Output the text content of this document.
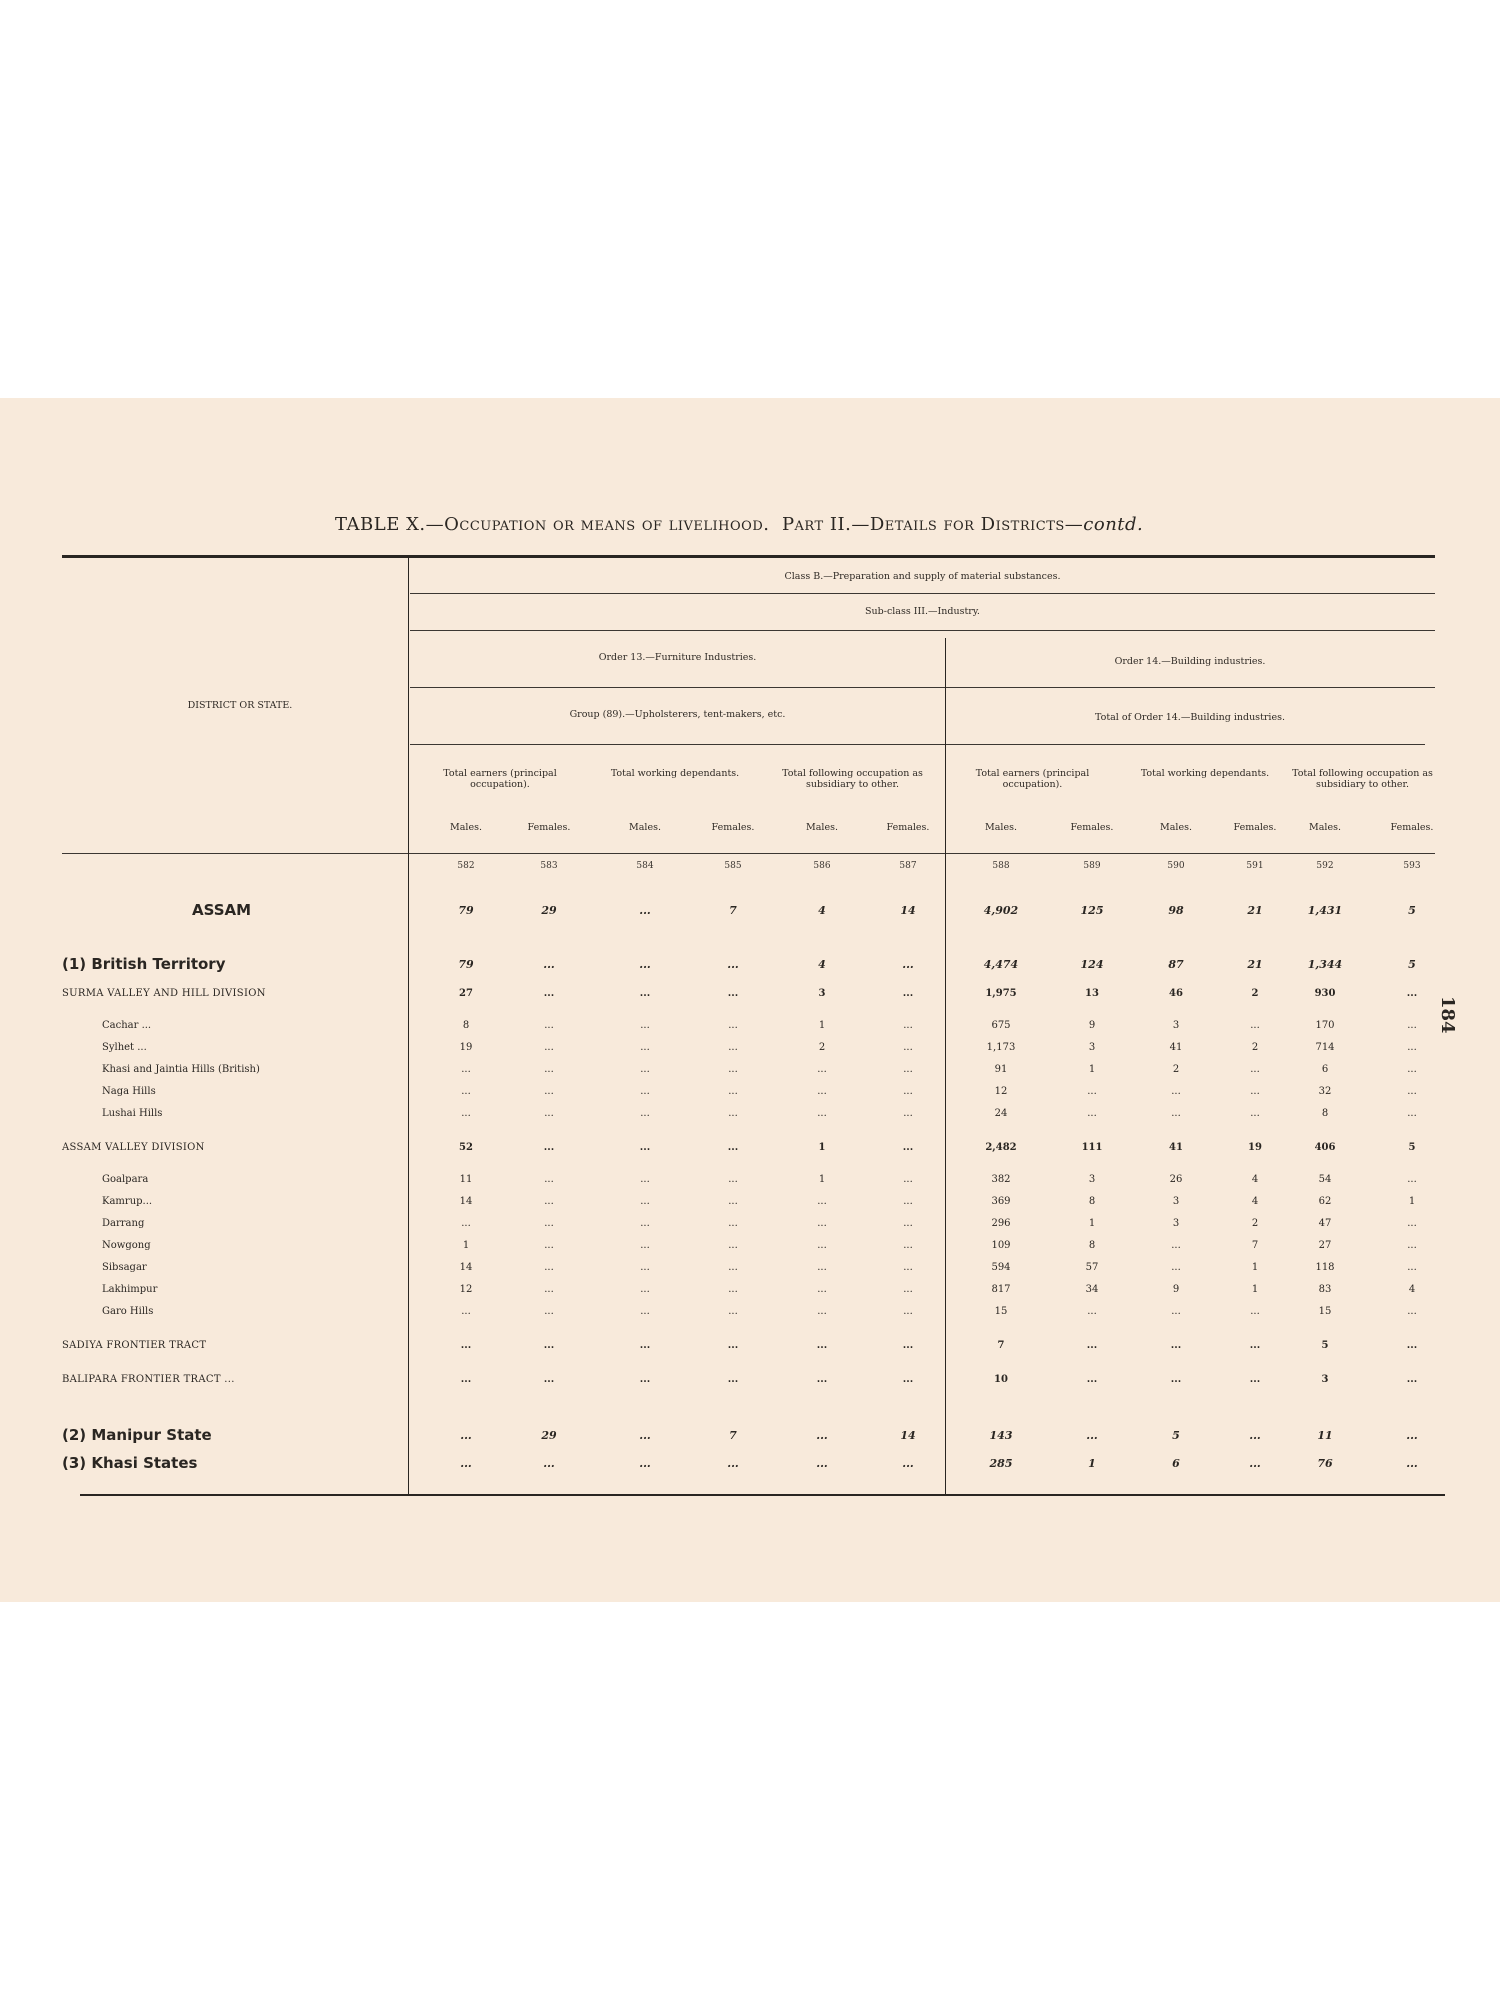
TABLE X.—Occupation or means of livelihood. Part II.—Details for Districts—contd.
DISTRICT OR STATE.
Class B.—Preparation and supply of material substances.
Sub-class III.—Industry.
Order 13.—Furniture Industries.	Order 14.—Building industries.
Group (89).—Upholsterers, tent-makers, etc.	Total of Order 14.—Building industries.
Total earners (principal occupation).
Total working dependants.	Total following occupation as subsidiary to other.
Total earners (principal occupation).
Total working dependants.	Total following occupation as subsidiary to other.
Males.	Females.	Males.	Females.	Males.	Females.	Males.	Females.	Males.	Females.	Males.	Females.
582	583	584	585	586	587	588	589	590	591	592	593
ASSAM	79	29	...	7	4	14	4,902	125	98	21	1,431	5
(1) British Territory	79	...	...	...	4	...	4,474	124	87	21	1,344	5
SURMA VALLEY AND HILL DIVISION	27	...	...	...	3	...	1,975	13	46	2	930	...
Cachar ...	8	...	...	...	1	...	675	9	3	...	170	...
Sylhet ...	19	...	...	...	2	...	1,173	3	41	2	714	...
Khasi and Jaintia Hills (British)	...	...	...	...	...	...	91	1	2	...	6	...
Naga Hills	...	...	...	...	...	...	12	...	...	...	32	...
Lushai Hills	...	...	...	...	...	...	24	...	...	...	8	...
ASSAM VALLEY DIVISION	52	...	...	...	1	...	2,482	111	41	19	406	5
Goalpara	11	...	...	...	1	...	382	3	26	4	54	...
Kamrup...	14	...	...	...	...	...	369	8	3	4	62	1
Darrang	...	...	...	...	...	...	296	1	3	2	47	...
Nowgong	1	...	...	...	...	...	109	8	...	7	27	...
Sibsagar	14	...	...	...	...	...	594	57	...	1	118	...
Lakhimpur	12	...	...	...	...	...	817	34	9	1	83	4
Garo Hills	...	...	...	...	...	...	15	...	...	...	15	...
SADIYA FRONTIER TRACT	...	...	...	...	...	...	7	...	...	...	5	...
BALIPARA FRONTIER TRACT ...	...	...	...	...	...	...	10	...	...	...	3	...
(2) Manipur State	...	29	...	7	...	14	143	...	5	...	11	...
(3) Khasi States	...	...	...	...	...	...	285	1	6	...	76	...
184
